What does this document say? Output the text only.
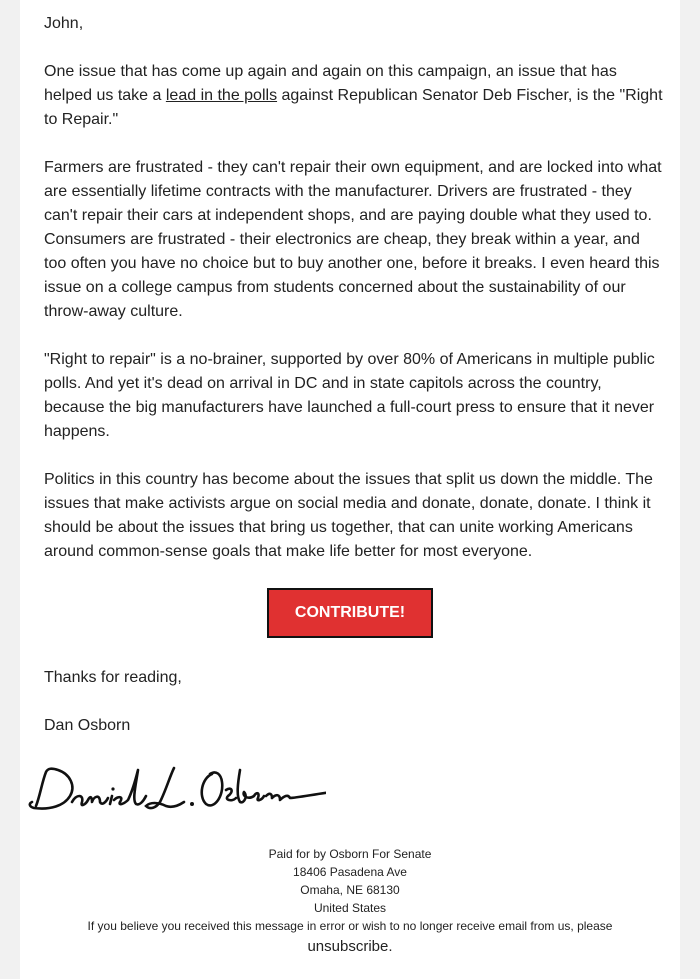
John,

One issue that has come up again and again on this campaign, an issue that has helped us take a lead in the polls against Republican Senator Deb Fischer, is the "Right to Repair."

Farmers are frustrated - they can't repair their own equipment, and are locked into what are essentially lifetime contracts with the manufacturer. Drivers are frustrated - they can't repair their cars at independent shops, and are paying double what they used to. Consumers are frustrated - their electronics are cheap, they break within a year, and too often you have no choice but to buy another one, before it breaks. I even heard this issue on a college campus from students concerned about the sustainability of our throw-away culture.

"Right to repair" is a no-brainer, supported by over 80% of Americans in multiple public polls. And yet it's dead on arrival in DC and in state capitols across the country, because the big manufacturers have launched a full-court press to ensure that it never happens.

Politics in this country has become about the issues that split us down the middle. The issues that make activists argue on social media and donate, donate, donate. I think it should be about the issues that bring us together, that can unite working Americans around common-sense goals that make life better for most everyone.

CONTRIBUTE!

Thanks for reading,

Dan Osborn

Paid for by Osborn For Senate
18406 Pasadena Ave
Omaha, NE 68130
United States
If you believe you received this message in error or wish to no longer receive email from us, please
unsubscribe.
